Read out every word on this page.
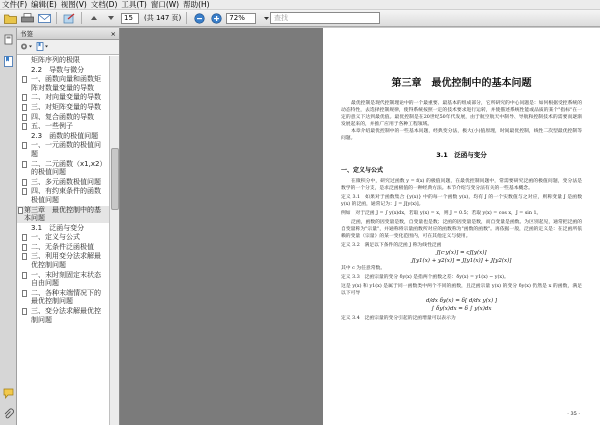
文件(F) 编辑(E) 视图(V) 文档(D) 工具(T) 窗口(W) 帮助(H)
15	(共 147 页)	72%	查找
书签	×
矩阵序列的极限
2.2　导数与微分
一、函数向量和函数矩阵对数量变量的导数
二、对向量变量的导数
三、对矩阵变量的导数
四、复合函数的导数
五、一些例子
2.3　函数的极值问题
一、一元函数的极值问题
二、二元函数（x1,x2）的极值问题
三、多元函数极值问题
四、有约束条件的函数极值问题
第三章　最优控制中的基本问题
3.1　泛函与变分
一、定义与公式
二、无条件泛函极值
三、利用变分法求解最优控制问题
一、末时刻固定末状态自由问题
二、各种末端情况下的最优控制问题
三、变分法求解最优控制问题
第三章　最优控制中的基本问题

最优控制是现代控制理论中的一个最重要、最基本的组成部分，它所研究的中心问题是：如何根据受控系统的动态特性，去选择控制规律，使得系统按照一定的技术要求进行运转，并使描述系统性能或品质的某个"指标"在一定的意义下达到最优值。最优控制是在20世纪50年代发展，由于航空航天中制导、导航和控制技术的需要而逐渐发展起来的，并推广应用于各种工程领域。

本章介绍最优控制中的一些基本问题，经典变分法，极大(小)值原理，时间最优控制，线性二次型最优控制等问题。

3.1　泛函与变分

一、定义与公式

在微积分中，研究过函数 y = f(x) 的极值问题，在最优控制问题中，常需要研究泛函的极值问题，变分法是数学的一个分支，是求泛函极值的一种经典方法。本节介绍与变分法有关的一些基本概念。

定义 3.1　如果对于函数集合 {y(x)} 中的每一个函数 y(x)，均有 J 的一个实数值与之对应，则称变量 J 是函数 y(x) 的泛函，通常记为：J = J[y(x)]。

例如　对于泛函 J = ∫ y(x)dx，若取 y(x) = x，则 J = 0.5；若取 y(x) = cos x，J = sin 1。

泛函，函数的因变量是数，自变量也是数；泛函的因变量是数，而自变量是函数。为区别起见，通常把泛函的自变量称为"宗量"，并通称将宗量函数所对应的函数称为"函数的函数"。再依据一般，泛函的定义是：在泛函所依赖的变量（宗量）的某一变化范围内，可在其他定义与使用。

定义 3.2　满足以下条件的泛函 J 称为线性泛函

J[c·y(x)] = cJ[y(x)]

J[y1(x) + y2(x)] = J[y1(x)] + J[y2(x)]

其中 c 为任意常数。

定义 3.3　泛函宗量的变分 δy(x) 是指两个函数之差：δy(x) = y1(x) − y(x)。

这是 y(x) 和 y1(x) 是属于同一函数类中两个不同的函数，且泛函宗量 y(x) 的变分 δy(x) 仍然是 x 的函数，满足以下可导

d/dx δy(x) = δ[ d/dx y(x) ]

∫ δy(x)dx = δ ∫ y(x)dx

定义 3.4　泛函宗量的变分引起的泛函增量可以表示为

· 35 ·
